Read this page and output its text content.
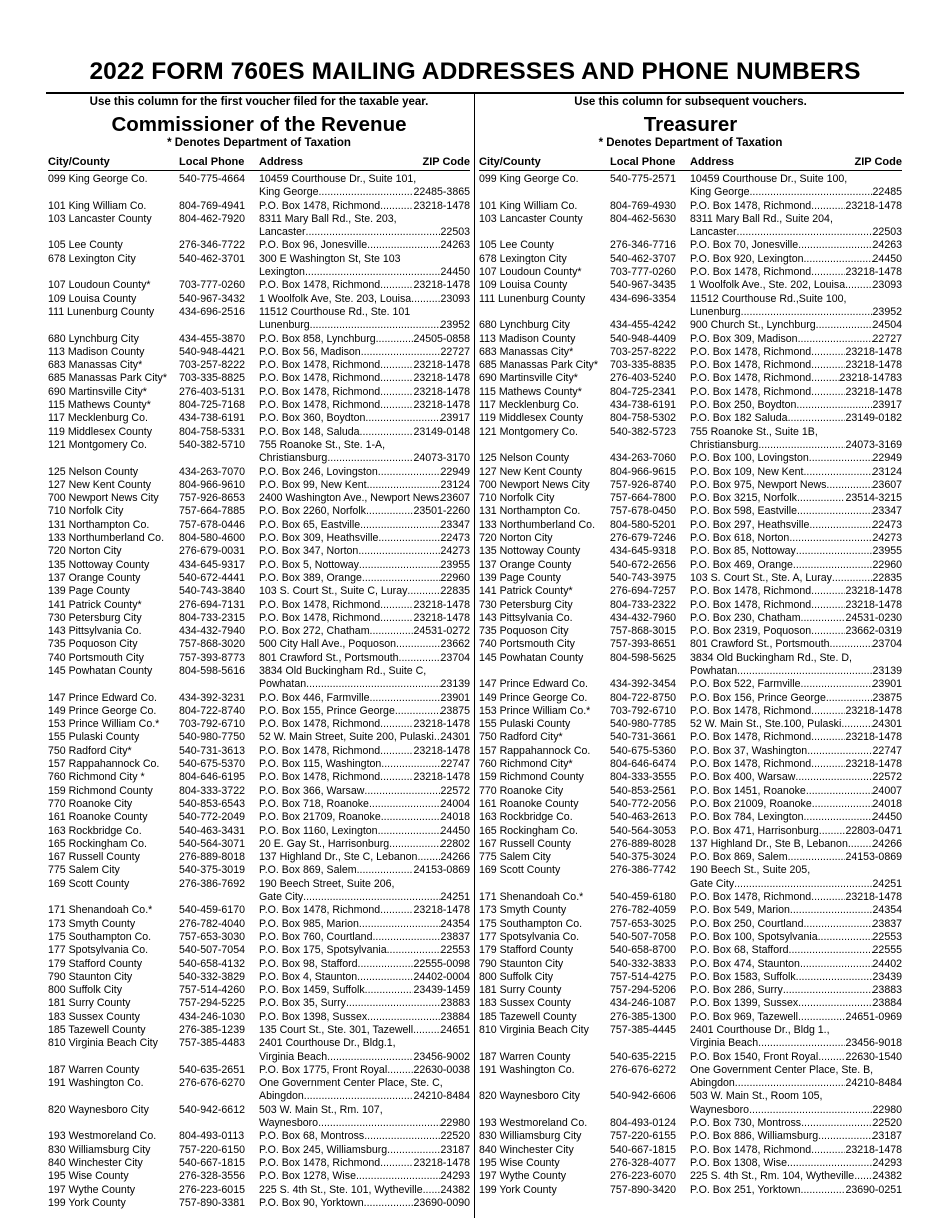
2022 FORM 760ES MAILING ADDRESSES AND PHONE NUMBERS
Use this column for the first voucher filed for the taxable year.
Commissioner of the Revenue
* Denotes Department of Taxation
City/County	Local Phone	Address	ZIP Code
099 King George Co.	540-775-4664	10459 Courthouse Dr., Suite 101,
King George .....	22485-3865
101 King William Co.	804-769-4941	P.O. Box 1478, Richmond .....	23218-1478
103 Lancaster County	804-462-7920	8311 Mary Ball Rd., Ste. 203,
Lancaster .....	22503
105 Lee County	276-346-7722	P.O. Box 96, Jonesville .....	24263
678 Lexington City	540-462-3701	300 E Washington St, Ste 103
Lexington .....	24450
107 Loudoun County*	703-777-0260	P.O. Box 1478, Richmond .....	23218-1478
109 Louisa County	540-967-3432	1 Woolfolk Ave, Ste. 203, Louisa .....	23093
111 Lunenburg County	434-696-2516	11512 Courthouse Rd., Ste. 101
Lunenburg .....	23952
680 Lynchburg City	434-455-3870	P.O. Box 858, Lynchburg .....	24505-0858
113 Madison County	540-948-4421	P.O. Box 56, Madison .....	22727
683 Manassas City*	703-257-8222	P.O. Box 1478, Richmond .....	23218-1478
685 Manassas Park City*	703-335-8825	P.O. Box 1478, Richmond .....	23218-1478
690 Martinsville City*	276-403-5131	P.O. Box 1478, Richmond .....	23218-1478
115 Mathews County*	804-725-7168	P.O. Box 1478, Richmond .....	23218-1478
117 Mecklenburg Co.	434-738-6191	P.O. Box 360, Boydton .....	23917
119 Middlesex County	804-758-5331	P.O. Box 148, Saluda .....	23149-0148
121 Montgomery Co.	540-382-5710	755 Roanoke St., Ste. 1-A,
Christiansburg .....	24073-3170
125 Nelson County	434-263-7070	P.O. Box 246, Lovingston .....	22949
127 New Kent County	804-966-9610	P.O. Box 99, New Kent .....	23124
700 Newport News City	757-926-8653	2400 Washington Ave., Newport News ..... 23607
710 Norfolk City	757-664-7885	P.O. Box 2260, Norfolk .....	23501-2260
131 Northampton Co.	757-678-0446	P.O. Box 65, Eastville .....	23347
133 Northumberland Co.	804-580-4600	P.O. Box 309, Heathsville .....	22473
720 Norton City	276-679-0031	P.O. Box 347, Norton .....	24273
135 Nottoway County	434-645-9317	P.O. Box 5, Nottoway .....	23955
137 Orange County	540-672-4441	P.O. Box 389, Orange .....	22960
139 Page County	540-743-3840	103 S. Court St., Suite C, Luray .....	22835
141 Patrick County*	276-694-7131	P.O. Box 1478, Richmond .....	23218-1478
730 Petersburg City	804-733-2315	P.O. Box 1478, Richmond .....	23218-1478
143 Pittsylvania Co.	434-432-7940	P.O. Box 272, Chatham .....	24531-0272
735 Poquoson City	757-868-3020	500 City Hall Ave., Poquoson .....	23662
740 Portsmouth City	757-393-8773	801 Crawford St., Portsmouth .....	23704
145 Powhatan County	804-598-5616	3834 Old Buckingham Rd., Suite C,
Powhatan .....	23139
147 Prince Edward Co.	434-392-3231	P.O. Box 446, Farmville .....	23901
149 Prince George Co.	804-722-8740	P.O. Box 155, Prince George .....	23875
153 Prince William Co.*	703-792-6710	P.O. Box 1478, Richmond .....	23218-1478
155 Pulaski County	540-980-7750	52 W. Main Street, Suite 200, Pulaski ..... 24301
750 Radford City*	540-731-3613	P.O. Box 1478, Richmond .....	23218-1478
157 Rappahannock Co.	540-675-5370	P.O. Box 115, Washington .....	22747
760 Richmond City *	804-646-6195	P.O. Box 1478, Richmond .....	23218-1478
159 Richmond County	804-333-3722	P.O. Box 366, Warsaw .....	22572
770 Roanoke City	540-853-6543	P.O. Box 718, Roanoke .....	24004
161 Roanoke County	540-772-2049	P.O. Box 21709, Roanoke .....	24018
163 Rockbridge Co.	540-463-3431	P.O. Box 1160, Lexington .....	24450
165 Rockingham Co.	540-564-3071	20 E. Gay St., Harrisonburg .....	22802
167 Russell County	276-889-8018	137 Highland Dr., Ste C, Lebanon ..... 24266
775 Salem City	540-375-3019	P.O. Box 869, Salem .....	24153-0869
169 Scott County	276-386-7692	190 Beech Street, Suite 206,
Gate City .....	24251
171 Shenandoah Co.*	540-459-6170	P.O. Box 1478, Richmond .....	23218-1478
173 Smyth County	276-782-4040	P.O. Box 985, Marion .....	24354
175 Southampton Co.	757-653-3030	P.O. Box 760, Courtland .....	23837
177 Spotsylvania Co.	540-507-7054	P.O. Box 175, Spotsylvania .....	22553
179 Stafford County	540-658-4132	P.O. Box 98, Stafford .....	22555-0098
790 Staunton City	540-332-3829	P.O. Box 4, Staunton .....	24402-0004
800 Suffolk City	757-514-4260	P.O. Box 1459, Suffolk .....	23439-1459
181 Surry County	757-294-5225	P.O. Box 35, Surry .....	23883
183 Sussex County	434-246-1030	P.O. Box 1398, Sussex .....	23884
185 Tazewell County	276-385-1239	135 Court St., Ste. 301, Tazewell .....	24651
810 Virginia Beach City	757-385-4483	2401 Courthouse Dr., Bldg.1,
Virginia Beach .....	23456-9002
187 Warren County	540-635-2651	P.O. Box 1775, Front Royal ..... 22630-0038
191 Washington Co.	276-676-6270	One Government Center Place, Ste. C,
Abingdon .....	24210-8484
820 Waynesboro City	540-942-6612	503 W. Main St., Rm. 107,
Waynesboro .....	22980
193 Westmoreland Co.	804-493-0113	P.O. Box 68, Montross .....	22520
830 Williamsburg City	757-220-6150	P.O. Box 245, Williamsburg .....	23187
840 Winchester City	540-667-1815	P.O. Box 1478, Richmond .....	23218-1478
195 Wise County	276-328-3556	P.O. Box 1278, Wise .....	24293
197 Wythe County	276-223-6015	225 S. 4th St., Ste. 101, Wytheville ..... 24382
199 York County	757-890-3381	P.O. Box 90, Yorktown .....	23690-0090
Use this column for subsequent vouchers.
Treasurer
* Denotes Department of Taxation
City/County	Local Phone	Address	ZIP Code
099 King George Co.	540-775-2571	10459 Courthouse Dr., Suite 100,
King George .....	22485
101 King William Co.	804-769-4930	P.O. Box 1478, Richmond .....	23218-1478
103 Lancaster County	804-462-5630	8311 Mary Ball Rd., Suite 204,
Lancaster .....	22503
105 Lee County	276-346-7716	P.O. Box 70, Jonesville .....	24263
678 Lexington City	540-462-3707	P.O. Box 920, Lexington .....	24450
107 Loudoun County*	703-777-0260	P.O. Box 1478, Richmond .....	23218-1478
109 Louisa County	540-967-3435	1 Woolfolk Ave., Ste. 202, Louisa .....	23093
111 Lunenburg County	434-696-3354	11512 Courthouse Rd.,Suite 100,
Lunenburg .....	23952
680 Lynchburg City	434-455-4242	900 Church St., Lynchburg .....	24504
113 Madison County	540-948-4409	P.O. Box 309, Madison .....	22727
683 Manassas City*	703-257-8222	P.O. Box 1478, Richmond .....	23218-1478
685 Manassas Park City*	703-335-8835	P.O. Box 1478, Richmond .....	23218-1478
690 Martinsville City*	276-403-5240	P.O. Box 1478, Richmond .....	23218-14783
115 Mathews County*	804-725-2341	P.O. Box 1478, Richmond .....	23218-1478
117 Mecklenburg Co.	434-738-6191	P.O. Box 250, Boydton .....	23917
119 Middlesex County	804-758-5302	P.O. Box 182 Saluda .....	23149-0182
121 Montgomery Co.	540-382-5723	755 Roanoke St., Suite 1B,
Christiansburg .....	24073-3169
125 Nelson County	434-263-7060	P.O. Box 100, Lovingston .....	22949
127 New Kent County	804-966-9615	P.O. Box 109, New Kent .....	23124
700 Newport News City	757-926-8740	P.O. Box 975, Newport News .....	23607
710 Norfolk City	757-664-7800	P.O. Box 3215, Norfolk .....	23514-3215
131 Northampton Co.	757-678-0450	P.O. Box 598, Eastville .....	23347
133 Northumberland Co.	804-580-5201	P.O. Box 297, Heathsville .....	22473
720 Norton City	276-679-7246	P.O. Box 618, Norton .....	24273
135 Nottoway County	434-645-9318	P.O. Box 85, Nottoway .....	23955
137 Orange County	540-672-2656	P.O. Box 469, Orange .....	22960
139 Page County	540-743-3975	103 S. Court St., Ste. A, Luray .....	22835
141 Patrick County*	276-694-7257	P.O. Box 1478, Richmond .....	23218-1478
730 Petersburg City	804-733-2322	P.O. Box 1478, Richmond .....	23218-1478
143 Pittsylvania Co.	434-432-7960	P.O. Box 230, Chatham .....	24531-0230
735 Poquoson City	757-868-3015	P.O. Box 2319, Poquoson .....	23662-0319
740 Portsmouth City	757-393-8651	801 Crawford St., Portsmouth .....	23704
145 Powhatan County	804-598-5625	3834 Old Buckingham Rd., Ste. D,
Powhatan .....	23139
147 Prince Edward Co.	434-392-3454	P.O. Box 522, Farmville .....	23901
149 Prince George Co.	804-722-8750	P.O. Box 156, Prince George .....	23875
153 Prince William Co.*	703-792-6710	P.O. Box 1478, Richmond .....	23218-1478
155 Pulaski County	540-980-7785	52 W. Main St., Ste.100, Pulaski .....	24301
750 Radford City*	540-731-3661	P.O. Box 1478, Richmond .....	23218-1478
157 Rappahannock Co.	540-675-5360	P.O. Box 37, Washington .....	22747
760 Richmond City*	804-646-6474	P.O. Box 1478, Richmond .....	23218-1478
159 Richmond County	804-333-3555	P.O. Box 400, Warsaw .....	22572
770 Roanoke City	540-853-2561	P.O. Box 1451, Roanoke .....	24007
161 Roanoke County	540-772-2056	P.O. Box 21009, Roanoke .....	24018
163 Rockbridge Co.	540-463-2613	P.O. Box 784, Lexington .....	24450
165 Rockingham Co.	540-564-3053	P.O. Box 471, Harrisonburg .....	22803-0471
167 Russell County	276-889-8028	137 Highland Dr., Ste B, Lebanon ..... 24266
775 Salem City	540-375-3024	P.O. Box 869, Salem .....	24153-0869
169 Scott County	276-386-7742	190 Beech St., Suite 205,
Gate City .....	24251
171 Shenandoah Co.*	540-459-6180	P.O. Box 1478, Richmond .....	23218-1478
173 Smyth County	276-782-4059	P.O. Box 549, Marion .....	24354
175 Southampton Co.	757-653-3025	P.O. Box 250, Courtland .....	23837
177 Spotsylvania Co.	540-507-7058	P.O. Box 100, Spotsylvania .....	22553
179 Stafford County	540-658-8700	P.O. Box 68, Stafford .....	22555
790 Staunton City	540-332-3833	P.O. Box 474, Staunton .....	24402
800 Suffolk City	757-514-4275	P.O. Box 1583, Suffolk .....	23439
181 Surry County	757-294-5206	P.O. Box 286, Surry .....	23883
183 Sussex County	434-246-1087	P.O. Box 1399, Sussex .....	23884
185 Tazewell County	276-385-1300	P.O. Box 969, Tazewell .....	24651-0969
810 Virginia Beach City	757-385-4445	2401 Courthouse Dr., Bldg 1.,
Virginia Beach .....	23456-9018
187 Warren County	540-635-2215	P.O. Box 1540, Front Royal .....	22630-1540
191 Washington Co.	276-676-6272	One Government Center Place, Ste. B,
Abingdon .....	24210-8484
820 Waynesboro City	540-942-6606	503 W. Main St., Room 105,
Waynesboro .....	22980
193 Westmoreland Co.	804-493-0124	P.O. Box 730, Montross .....	22520
830 Williamsburg City	757-220-6155	P.O. Box 886, Williamsburg .....	23187
840 Winchester City	540-667-1815	P.O. Box 1478, Richmond .....	23218-1478
195 Wise County	276-328-4077	P.O. Box 1308, Wise .....	24293
197 Wythe County	276-223-6070	225 S. 4th St., Rm. 104, Wytheville ..... 24382
199 York County	757-890-3420	P.O. Box 251, Yorktown .....	23690-0251
